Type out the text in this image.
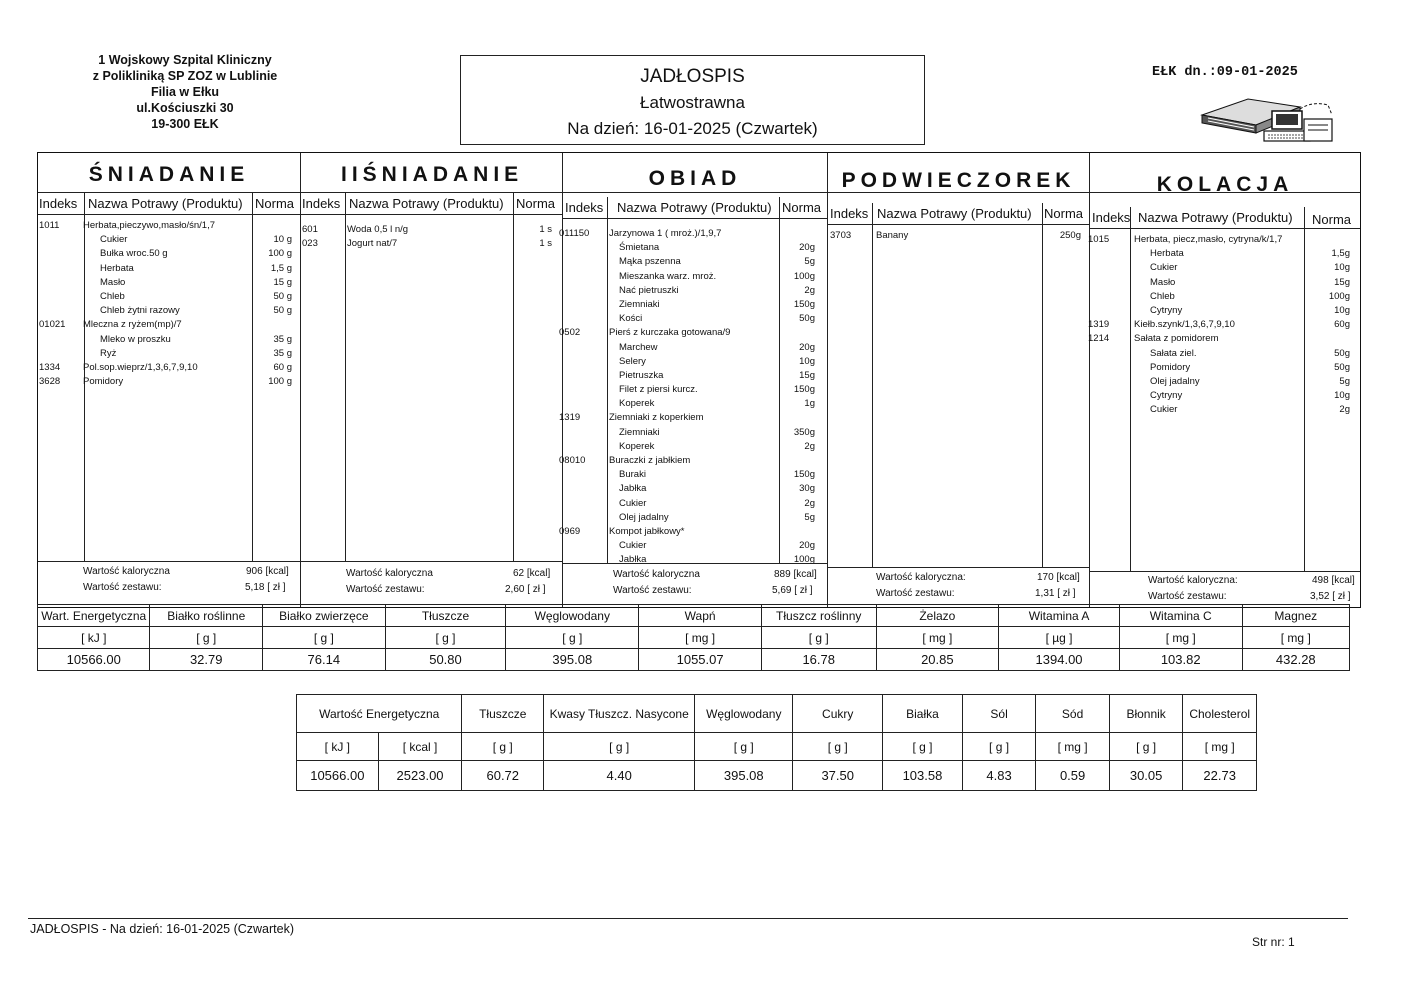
1 Wojskowy Szpital Kliniczny
z Polikliniką SP ZOZ w Lublinie
Filia w Ełku
ul.Kościuszki 30
19-300 EŁK
JADŁOSPIS
Łatwostrawna
Na dzień: 16-01-2025 (Czwartek)
EŁK dn.:09-01-2025
ŚNIADANIE
Indeks Nazwa Potrawy (Produktu) Norma
1011 Herbata,pieczywo,masło/śn/1,7
Cukier	10 g
Bułka wroc.50 g	100 g
Herbata	1,5 g
Masło	15 g
Chleb	50 g
Chleb żytni razowy	50 g
01021 Mleczna z ryżem(mp)/7
Mleko w proszku	35 g
Ryż	35 g
1334 Pol.sop.wieprz/1,3,6,7,9,10	60 g
3628 Pomidory	100 g
Wartość kaloryczna	906 [kcal]
Wartość zestawu:	5,18 [ zł ]
IIŚNIADANIE
Indeks Nazwa Potrawy (Produktu) Norma
601	Woda 0,5 l n/g	1 s
023	Jogurt nat/7	1 s
Wartość kaloryczna	62 [kcal]
Wartość zestawu:	2,60 [ zł ]
OBIAD
Indeks Nazwa Potrawy (Produktu) Norma
011150 Jarzynowa 1 ( mroż.)/1,9,7
Śmietana	20g
Mąka pszenna	5g
Mieszanka warz. mroż.	100g
Nać pietruszki	2g
Ziemniaki	150g
Kości	50g
0502	Pierś z kurczaka gotowana/9
Marchew	20g
Selery	10g
Pietruszka	15g
Filet z piersi kurcz.	150g
Koperek	1g
1319	Ziemniaki z koperkiem
Ziemniaki	350g
Koperek	2g
08010 Buraczki z jabłkiem
Buraki	150g
Jabłka	30g
Cukier	2g
Olej jadalny	5g
0969	Kompot jabłkowy*
Cukier	20g
Jabłka	100g
Wartość kaloryczna	889 [kcal]
Wartość zestawu:	5,69 [ zł ]
PODWIECZOREK
Indeks Nazwa Potrawy (Produktu) Norma
3703	Banany	250g
Wartość kaloryczna:	170 [kcal]
Wartość zestawu:	1,31 [ zł ]
KOLACJA
Indeks Nazwa Potrawy (Produktu) Norma
1015	Herbata, piecz,masło, cytryna/k/1,7
Herbata	1,5g
Cukier	10g
Masło	15g
Chleb	100g
Cytryny	10g
1319	Kiełb.szynk/1,3,6,7,9,10	60g
1214	Sałata z pomidorem
Sałata ziel.	50g
Pomidory	50g
Olej jadalny	5g
Cytryny	10g
Cukier	2g
Wartość kaloryczna:	498 [kcal]
Wartość zestawu:	3,52 [ zł ]
Wart. Energetyczna	Białko roślinne	Białko zwierzęce	Tłuszcze	Węglowodany	Wapń	Tłuszcz roślinny	Żelazo	Witamina A	Witamina C	Magnez
[ kJ ]	[ g ]	[ g ]	[ g ]	[ g ]	[ mg ]	[ g ]	[ mg ]	[ µg ]	[ mg ]	[ mg ]
10566.00	32.79	76.14	50.80	395.08	1055.07	16.78	20.85	1394.00	103.82	432.28
Wartość Energetyczna		Tłuszcze	Kwasy Tłuszcz. Nasycone	Węglowodany	Cukry	Białka	Sól	Sód	Błonnik	Cholesterol
[ kJ ]	[ kcal ]	[ g ]	[ g ]	[ g ]	[ g ]	[ g ]	[ g ]	[ mg ]	[ g ]	[ mg ]
10566.00	2523.00	60.72	4.40	395.08	37.50	103.58	4.83	0.59	30.05	22.73
JADŁOSPIS - Na dzień: 16-01-2025 (Czwartek)
Str nr: 1
